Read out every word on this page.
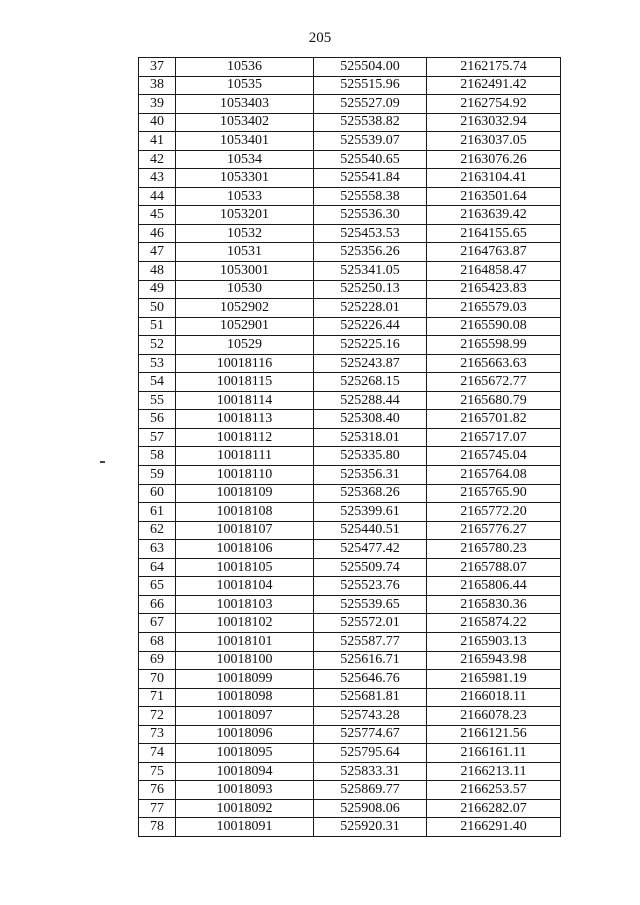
205
37	10536	525504.00	2162175.74
38	10535	525515.96	2162491.42
39	1053403	525527.09	2162754.92
40	1053402	525538.82	2163032.94
41	1053401	525539.07	2163037.05
42	10534	525540.65	2163076.26
43	1053301	525541.84	2163104.41
44	10533	525558.38	2163501.64
45	1053201	525536.30	2163639.42
46	10532	525453.53	2164155.65
47	10531	525356.26	2164763.87
48	1053001	525341.05	2164858.47
49	10530	525250.13	2165423.83
50	1052902	525228.01	2165579.03
51	1052901	525226.44	2165590.08
52	10529	525225.16	2165598.99
53	10018116	525243.87	2165663.63
54	10018115	525268.15	2165672.77
55	10018114	525288.44	2165680.79
56	10018113	525308.40	2165701.82
57	10018112	525318.01	2165717.07
58	10018111	525335.80	2165745.04
59	10018110	525356.31	2165764.08
60	10018109	525368.26	2165765.90
61	10018108	525399.61	2165772.20
62	10018107	525440.51	2165776.27
63	10018106	525477.42	2165780.23
64	10018105	525509.74	2165788.07
65	10018104	525523.76	2165806.44
66	10018103	525539.65	2165830.36
67	10018102	525572.01	2165874.22
68	10018101	525587.77	2165903.13
69	10018100	525616.71	2165943.98
70	10018099	525646.76	2165981.19
71	10018098	525681.81	2166018.11
72	10018097	525743.28	2166078.23
73	10018096	525774.67	2166121.56
74	10018095	525795.64	2166161.11
75	10018094	525833.31	2166213.11
76	10018093	525869.77	2166253.57
77	10018092	525908.06	2166282.07
78	10018091	525920.31	2166291.40
